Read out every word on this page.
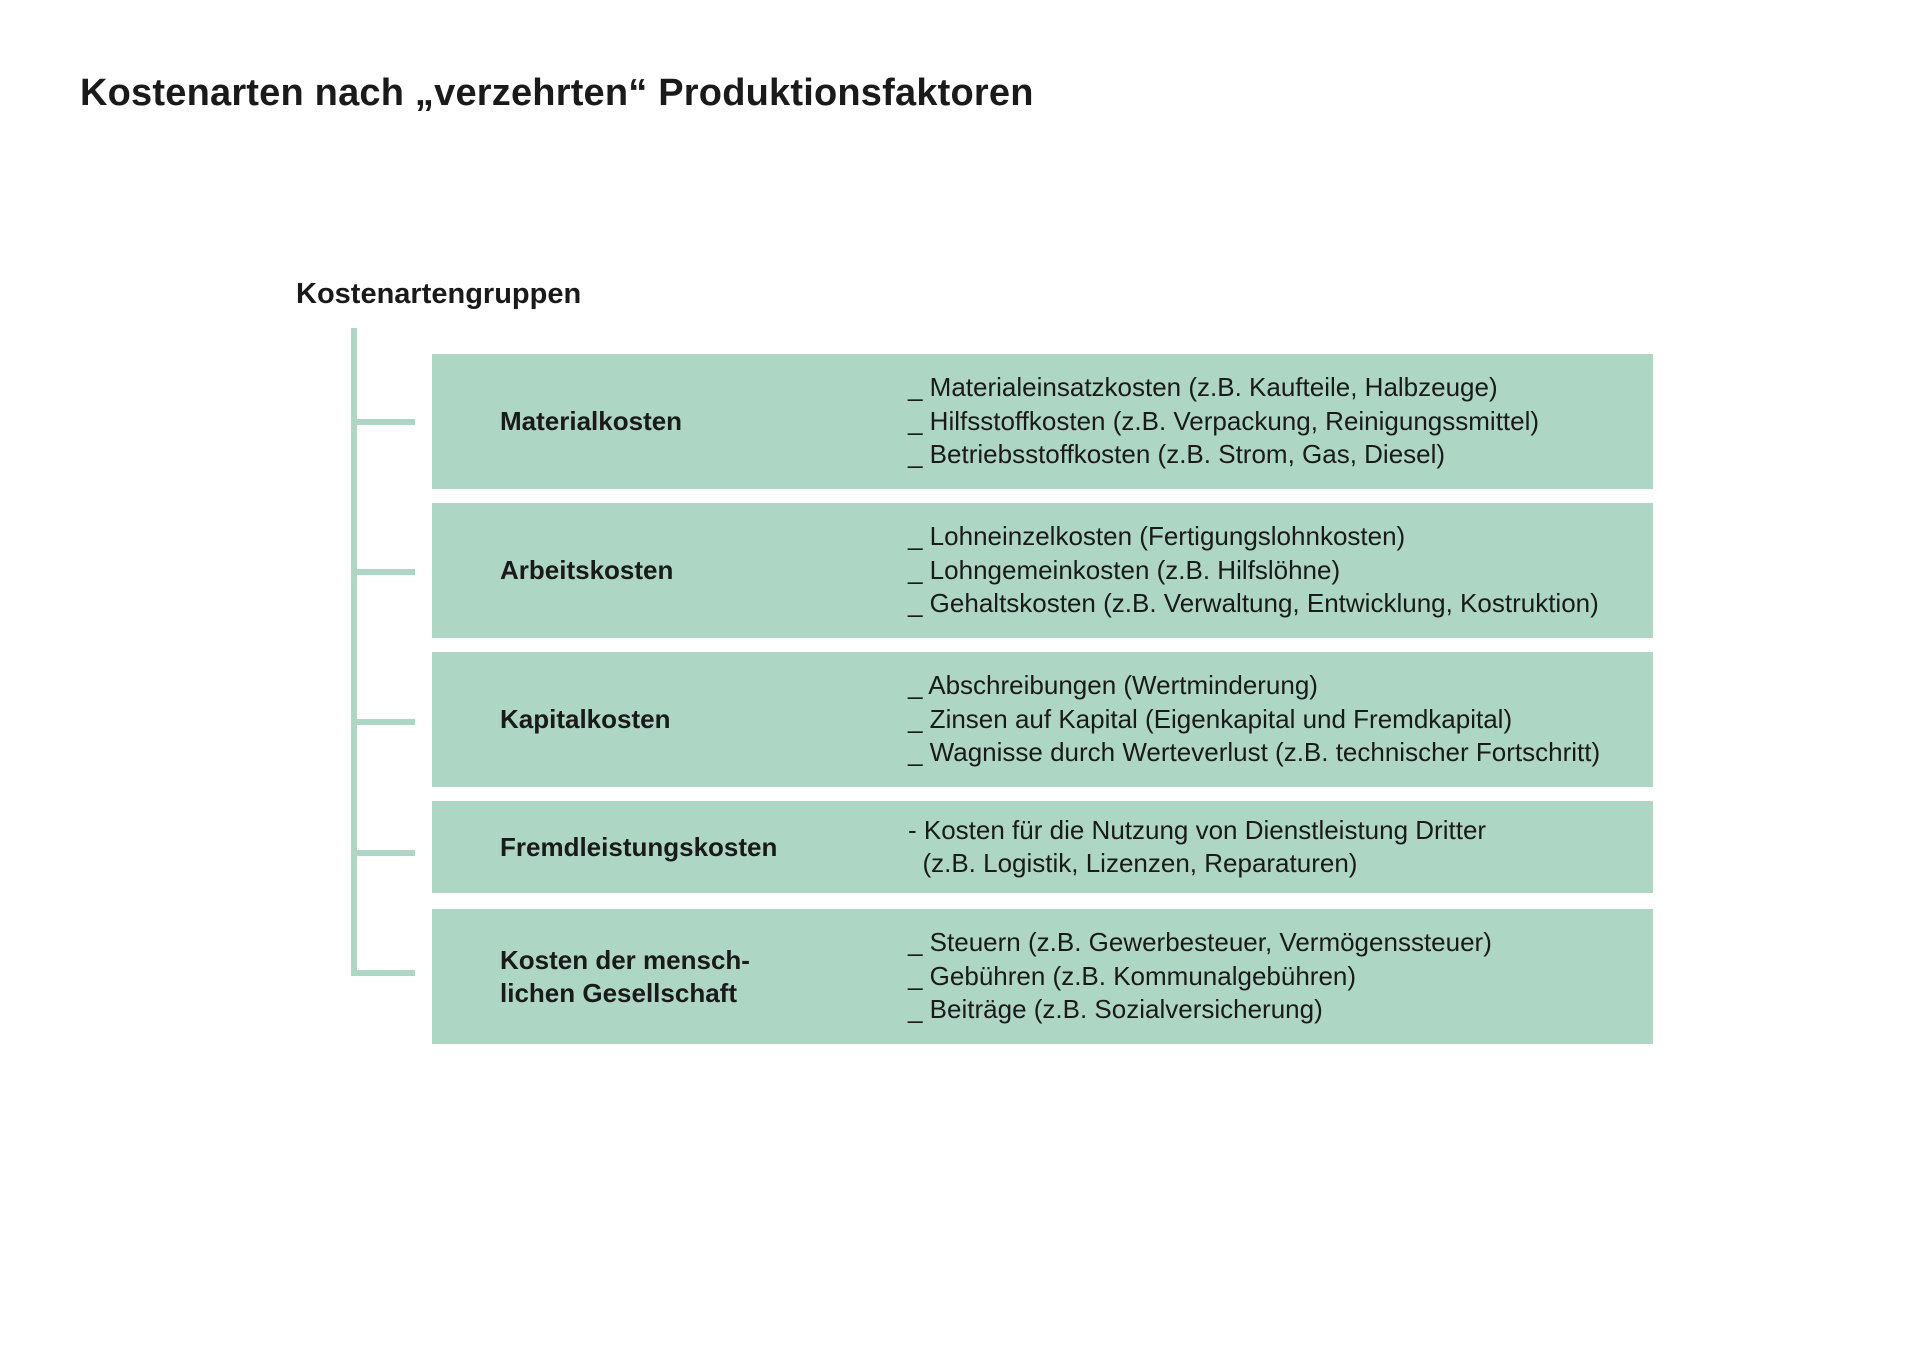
Kostenarten nach „verzehrten“ Produktionsfaktoren
Kostenartengruppen
Materialkosten
_ Materialeinsatzkosten (z.B. Kaufteile, Halbzeuge)
_ Hilfsstoffkosten (z.B. Verpackung, Reinigungssmittel)
_ Betriebsstoffkosten (z.B. Strom, Gas, Diesel)
Arbeitskosten
_ Lohneinzelkosten (Fertigungslohnkosten)
_ Lohngemeinkosten (z.B. Hilfslöhne)
_ Gehaltskosten (z.B. Verwaltung, Entwicklung, Kostruktion)
Kapitalkosten
_ Abschreibungen (Wertminderung)
_ Zinsen auf Kapital (Eigenkapital und Fremdkapital)
_ Wagnisse durch Werteverlust (z.B. technischer Fortschritt)
Fremdleistungskosten
- Kosten für die Nutzung von Dienstleistung Dritter
(z.B. Logistik, Lizenzen, Reparaturen)
Kosten der mensch-
lichen Gesellschaft
_ Steuern (z.B. Gewerbesteuer, Vermögenssteuer)
_ Gebühren (z.B. Kommunalgebühren)
_ Beiträge (z.B. Sozialversicherung)
